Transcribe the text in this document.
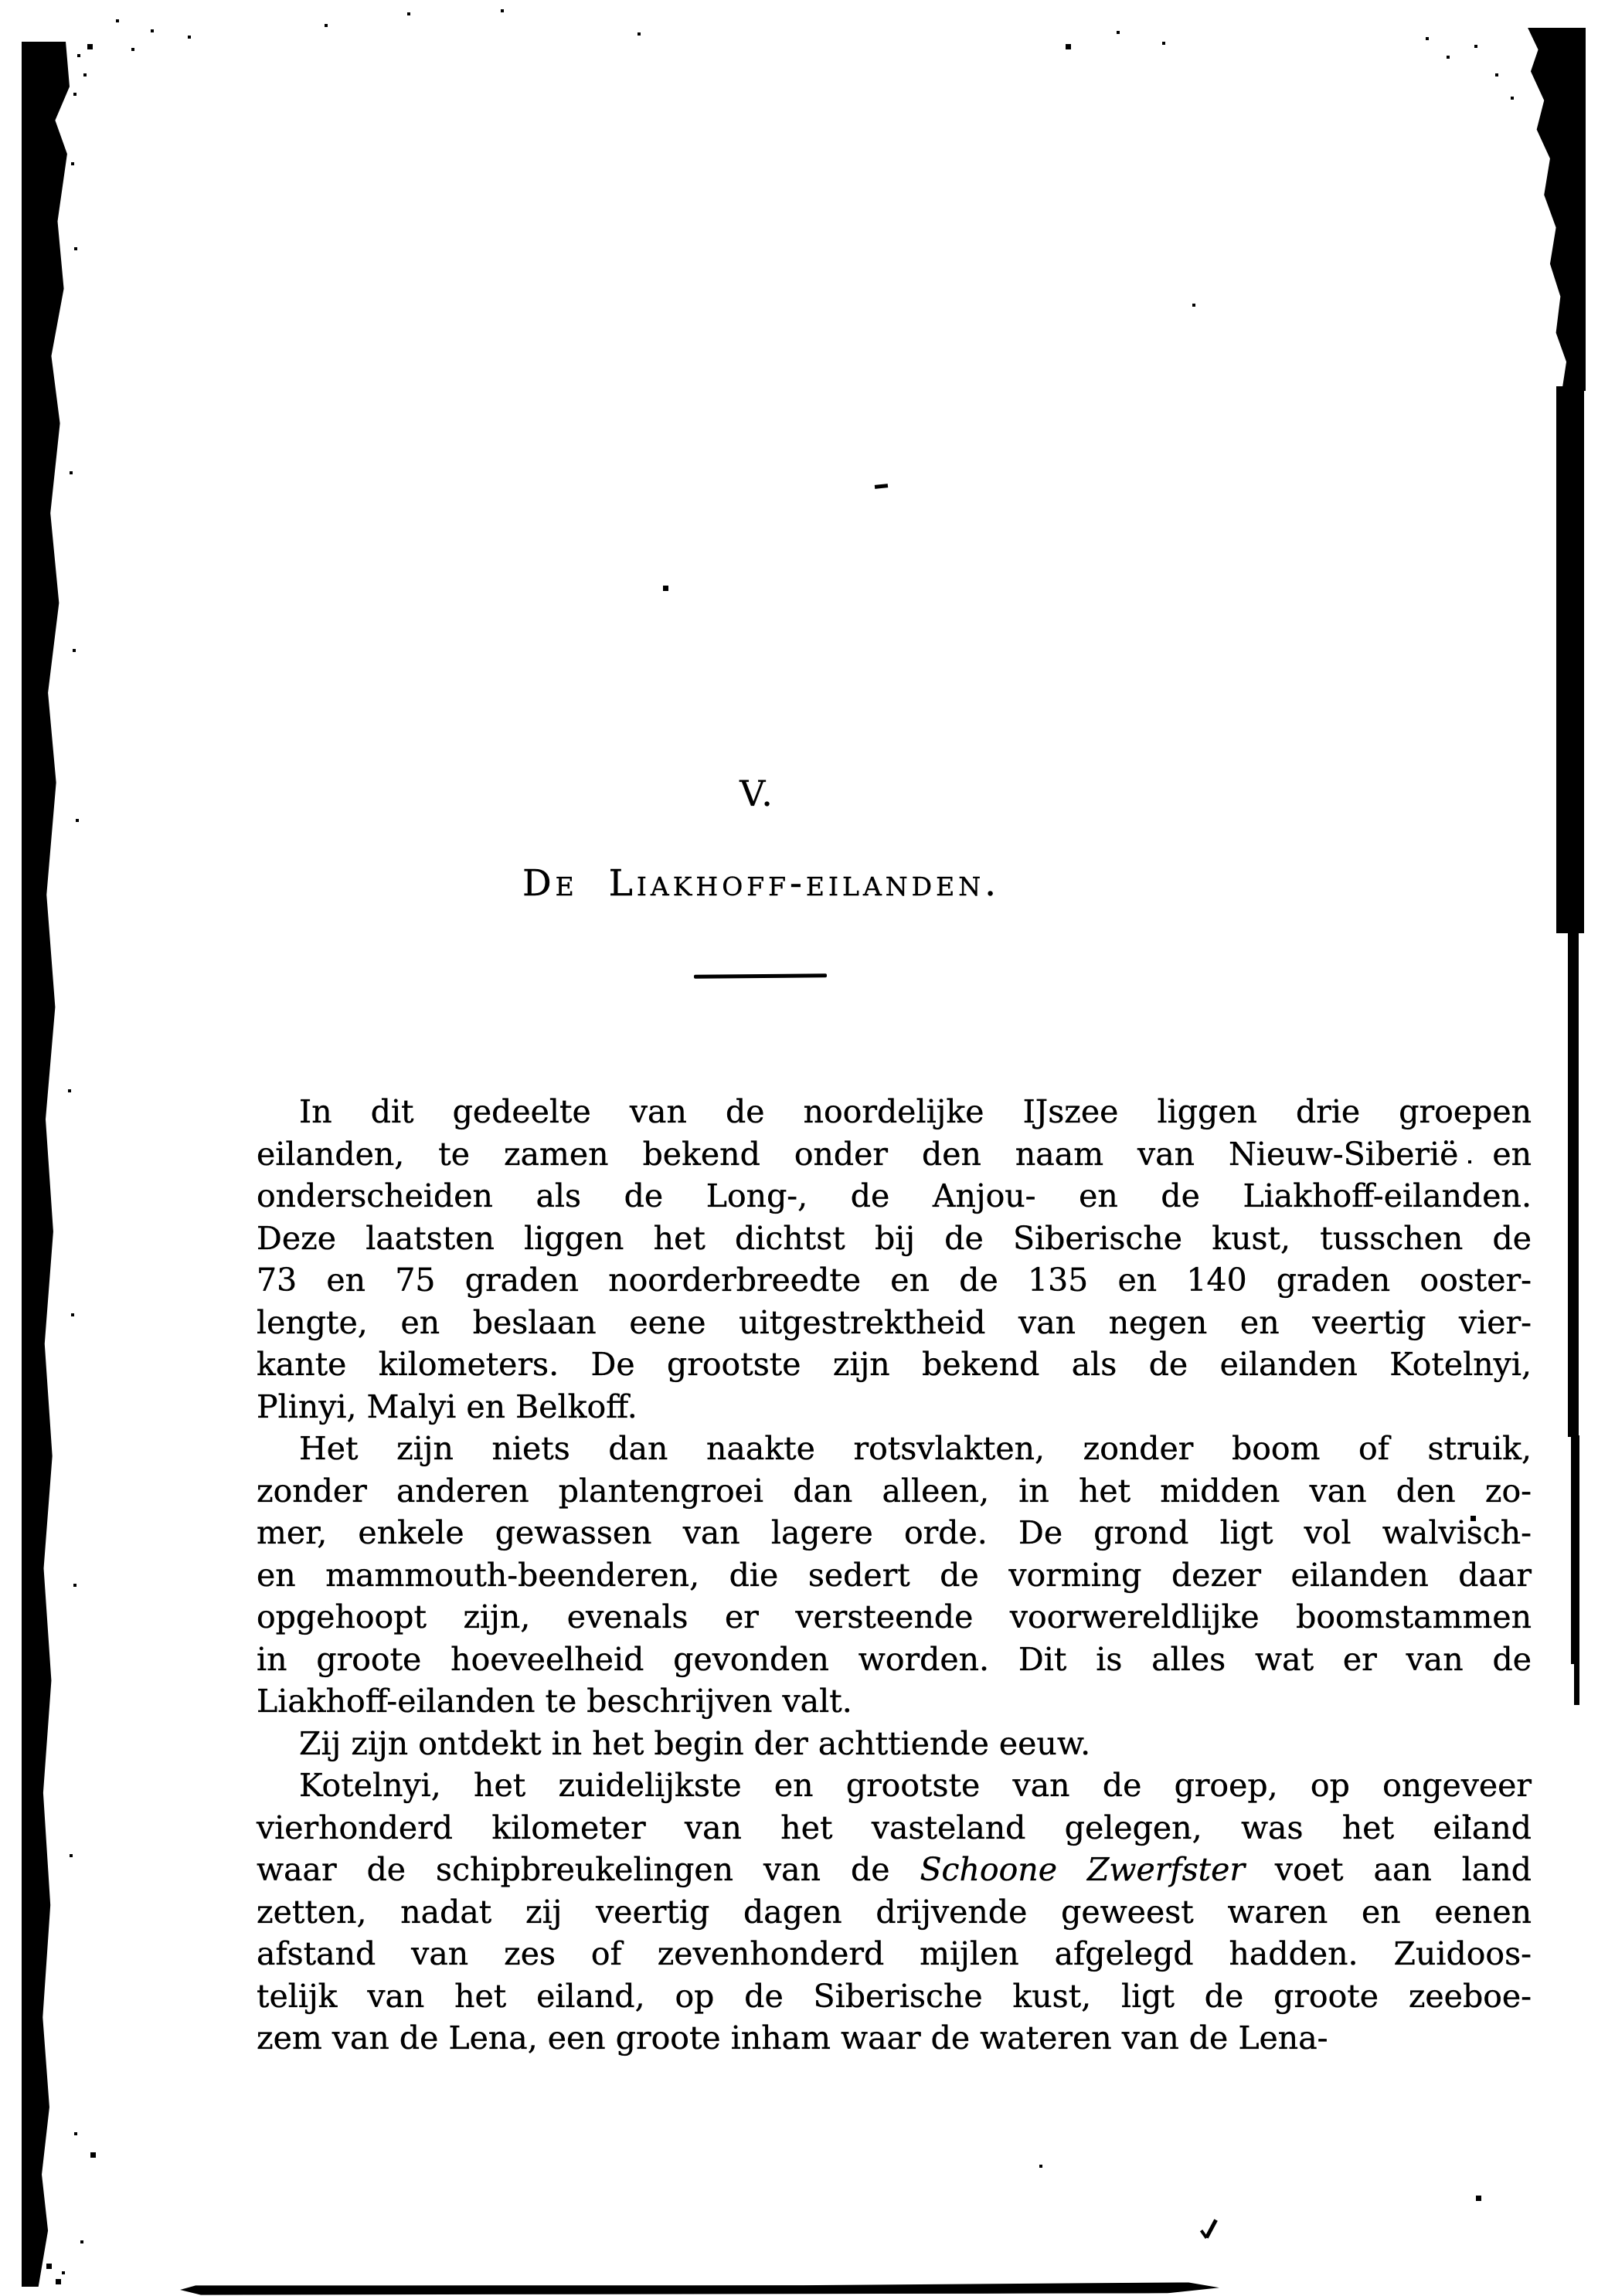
V.
De Liakhoff-eilanden.
In dit gedeelte van de noordelijke IJszee liggen drie groepen
eilanden, te zamen bekend onder den naam van Nieuw-Siberië en
onderscheiden als de Long-, de Anjou- en de Liakhoff-eilanden.
Deze laatsten liggen het dichtst bij de Siberische kust, tusschen de
73 en 75 graden noorderbreedte en de 135 en 140 graden ooster-
lengte, en beslaan eene uitgestrektheid van negen en veertig vier-
kante kilometers. De grootste zijn bekend als de eilanden Kotelnyi,
Plinyi, Malyi en Belkoff.
Het zijn niets dan naakte rotsvlakten, zonder boom of struik,
zonder anderen plantengroei dan alleen, in het midden van den zo-
mer, enkele gewassen van lagere orde. De grond ligt vol walvisch-
en mammouth-beenderen, die sedert de vorming dezer eilanden daar
opgehoopt zijn, evenals er versteende voorwereldlijke boomstammen
in groote hoeveelheid gevonden worden. Dit is alles wat er van de
Liakhoff-eilanden te beschrijven valt.
Zij zijn ontdekt in het begin der achttiende eeuw.
Kotelnyi, het zuidelijkste en grootste van de groep, op ongeveer
vierhonderd kilometer van het vasteland gelegen, was het eiland
waar de schipbreukelingen van de Schoone Zwerfster voet aan land
zetten, nadat zij veertig dagen drijvende geweest waren en eenen
afstand van zes of zevenhonderd mijlen afgelegd hadden. Zuidoos-
telijk van het eiland, op de Siberische kust, ligt de groote zeeboe-
zem van de Lena, een groote inham waar de wateren van de Lena-
